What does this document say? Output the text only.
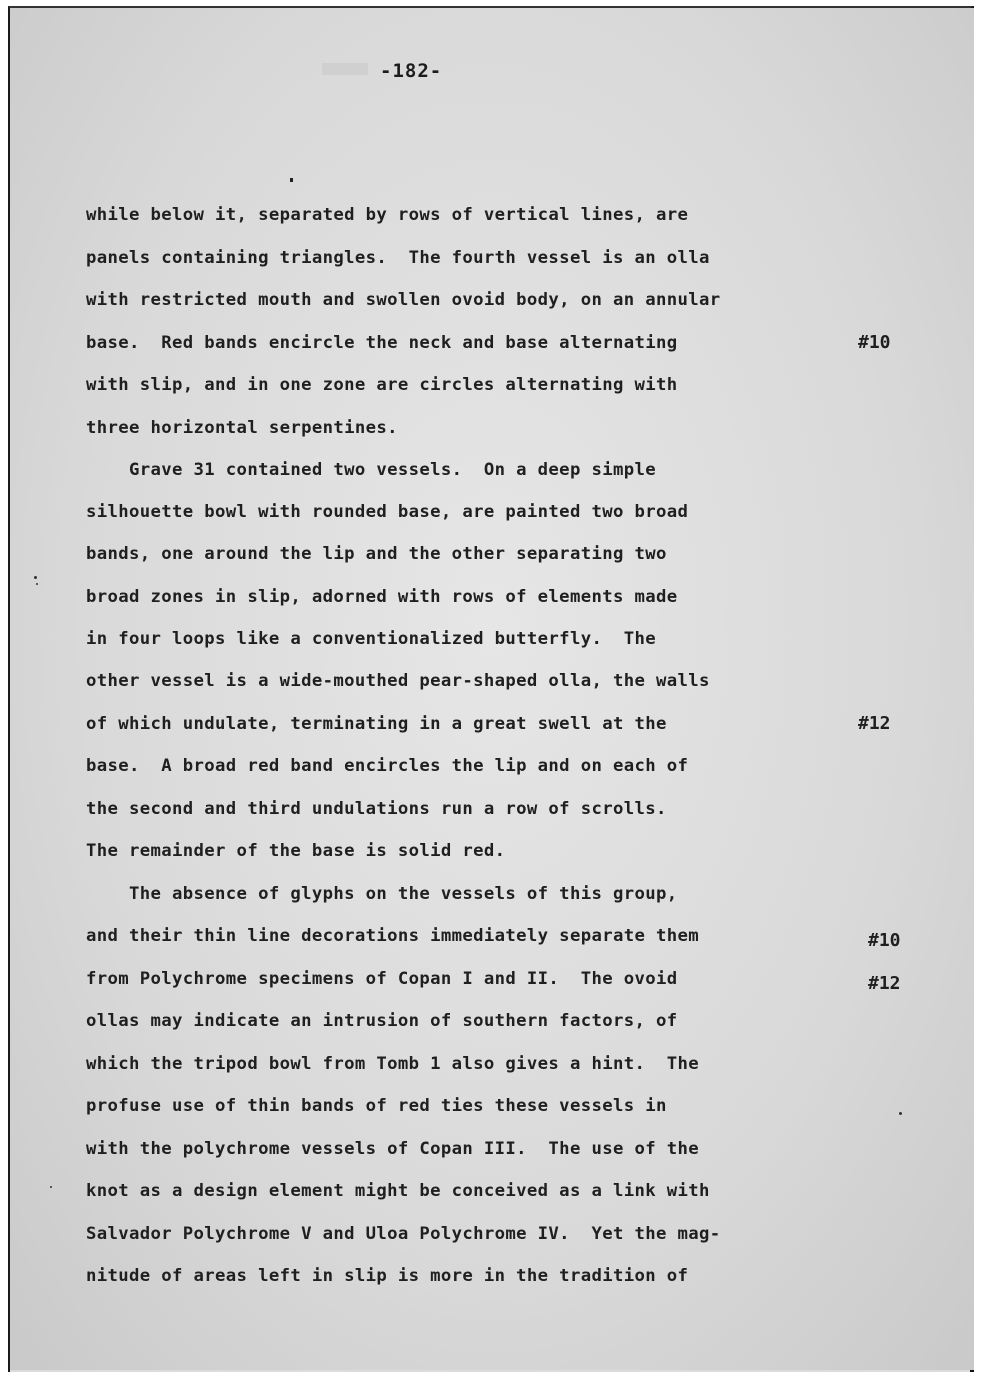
-182-
while below it, separated by rows of vertical lines, are
panels containing triangles.  The fourth vessel is an olla
with restricted mouth and swollen ovoid body, on an annular
base.  Red bands encircle the neck and base alternating
with slip, and in one zone are circles alternating with
three horizontal serpentines.
Grave 31 contained two vessels.  On a deep simple
silhouette bowl with rounded base, are painted two broad
bands, one around the lip and the other separating two
broad zones in slip, adorned with rows of elements made
in four loops like a conventionalized butterfly.  The
other vessel is a wide-mouthed pear-shaped olla, the walls
of which undulate, terminating in a great swell at the
base.  A broad red band encircles the lip and on each of
the second and third undulations run a row of scrolls.
The remainder of the base is solid red.
The absence of glyphs on the vessels of this group,
and their thin line decorations immediately separate them
from Polychrome specimens of Copan I and II.  The ovoid
ollas may indicate an intrusion of southern factors, of
which the tripod bowl from Tomb 1 also gives a hint.  The
profuse use of thin bands of red ties these vessels in
with the polychrome vessels of Copan III.  The use of the
knot as a design element might be conceived as a link with
Salvador Polychrome V and Uloa Polychrome IV.  Yet the mag-
nitude of areas left in slip is more in the tradition of
#10
#12
#10
#12
